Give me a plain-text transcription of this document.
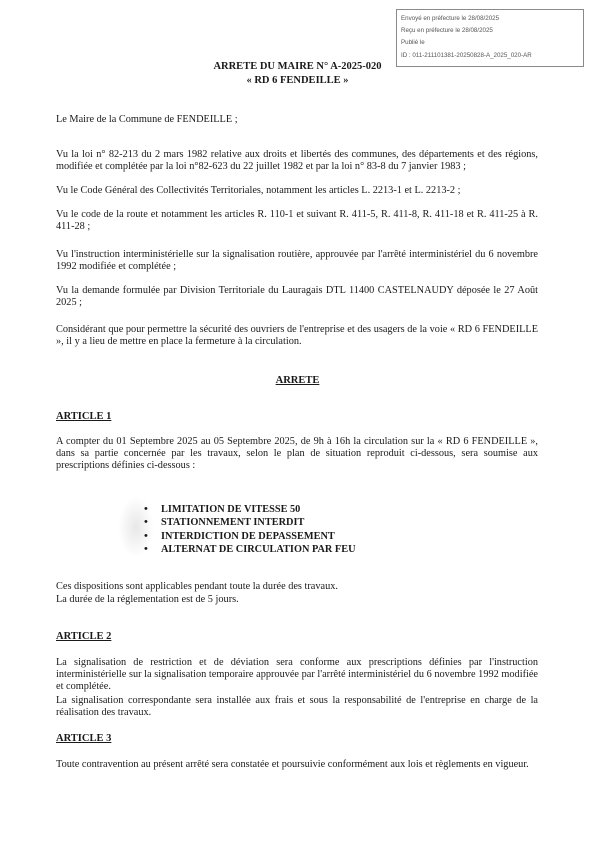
Envoyé en préfecture le 28/08/2025
Reçu en préfecture le 28/08/2025
Publié le
ID : 011-211101381-20250828-A_2025_020-AR
ARRETE DU MAIRE N° A-2025-020
« RD 6 FENDEILLE »
Le Maire de la Commune de FENDEILLE ;
Vu la loi n° 82-213 du 2 mars 1982 relative aux droits et libertés des communes, des départements et des régions, modifiée et complétée par la loi n°82-623 du 22 juillet 1982 et par la loi n° 83-8 du 7 janvier 1983 ;
Vu le Code Général des Collectivités Territoriales, notamment les articles L. 2213-1 et L. 2213-2 ;
Vu le code de la route et notamment les articles R. 110-1 et suivant R. 411-5, R. 411-8, R. 411-18 et R. 411-25 à R. 411-28 ;
Vu l'instruction interministérielle sur la signalisation routière, approuvée par l'arrêté interministériel du 6 novembre 1992 modifiée et complétée ;
Vu la demande formulée par Division Territoriale du Lauragais DTL 11400 CASTELNAUDY déposée le 27 Août 2025 ;
Considérant que pour permettre la sécurité des ouvriers de l'entreprise et des usagers de la voie « RD 6 FENDEILLE », il y a lieu de mettre en place la fermeture à la circulation.
ARRETE
ARTICLE 1
A compter du 01 Septembre 2025 au 05 Septembre 2025, de 9h à 16h la circulation sur la « RD 6 FENDEILLE », dans sa partie concernée par les travaux, selon le plan de situation reproduit ci-dessous, sera soumise aux prescriptions définies ci-dessous :
• LIMITATION DE VITESSE 50
• STATIONNEMENT INTERDIT
• INTERDICTION DE DEPASSEMENT
• ALTERNAT DE CIRCULATION PAR FEU
Ces dispositions sont applicables pendant toute la durée des travaux.
La durée de la réglementation est de 5 jours.
ARTICLE 2
La signalisation de restriction et de déviation sera conforme aux prescriptions définies par l'instruction interministérielle sur la signalisation temporaire approuvée par l'arrêté interministériel du 6 novembre 1992 modifiée et complétée.
La signalisation correspondante sera installée aux frais et sous la responsabilité de l'entreprise en charge de la réalisation des travaux.
ARTICLE 3
Toute contravention au présent arrêté sera constatée et poursuivie conformément aux lois et règlements en vigueur.
